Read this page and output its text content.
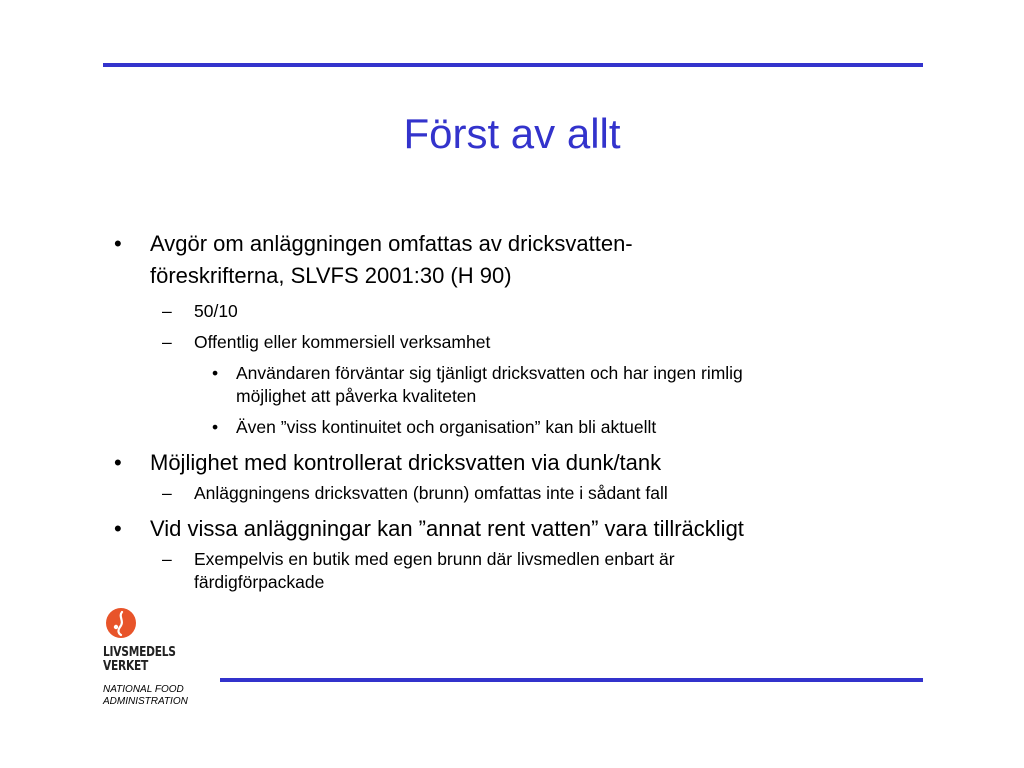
Först av allt
• Avgör om anläggningen omfattas av dricksvatten-
föreskrifterna, SLVFS 2001:30 (H 90)
– 50/10
– Offentlig eller kommersiell verksamhet
• Användaren förväntar sig tjänligt dricksvatten och har ingen rimlig
möjlighet att påverka kvaliteten
• Även ”viss kontinuitet och organisation” kan bli aktuellt
• Möjlighet med kontrollerat dricksvatten via dunk/tank
– Anläggningens dricksvatten (brunn) omfattas inte i sådant fall
• Vid vissa anläggningar kan ”annat rent vatten” vara tillräckligt
– Exempelvis en butik med egen brunn där livsmedlen enbart är
färdigförpackade
LIVSMEDELS
VERKET
NATIONAL FOOD
ADMINISTRATION
